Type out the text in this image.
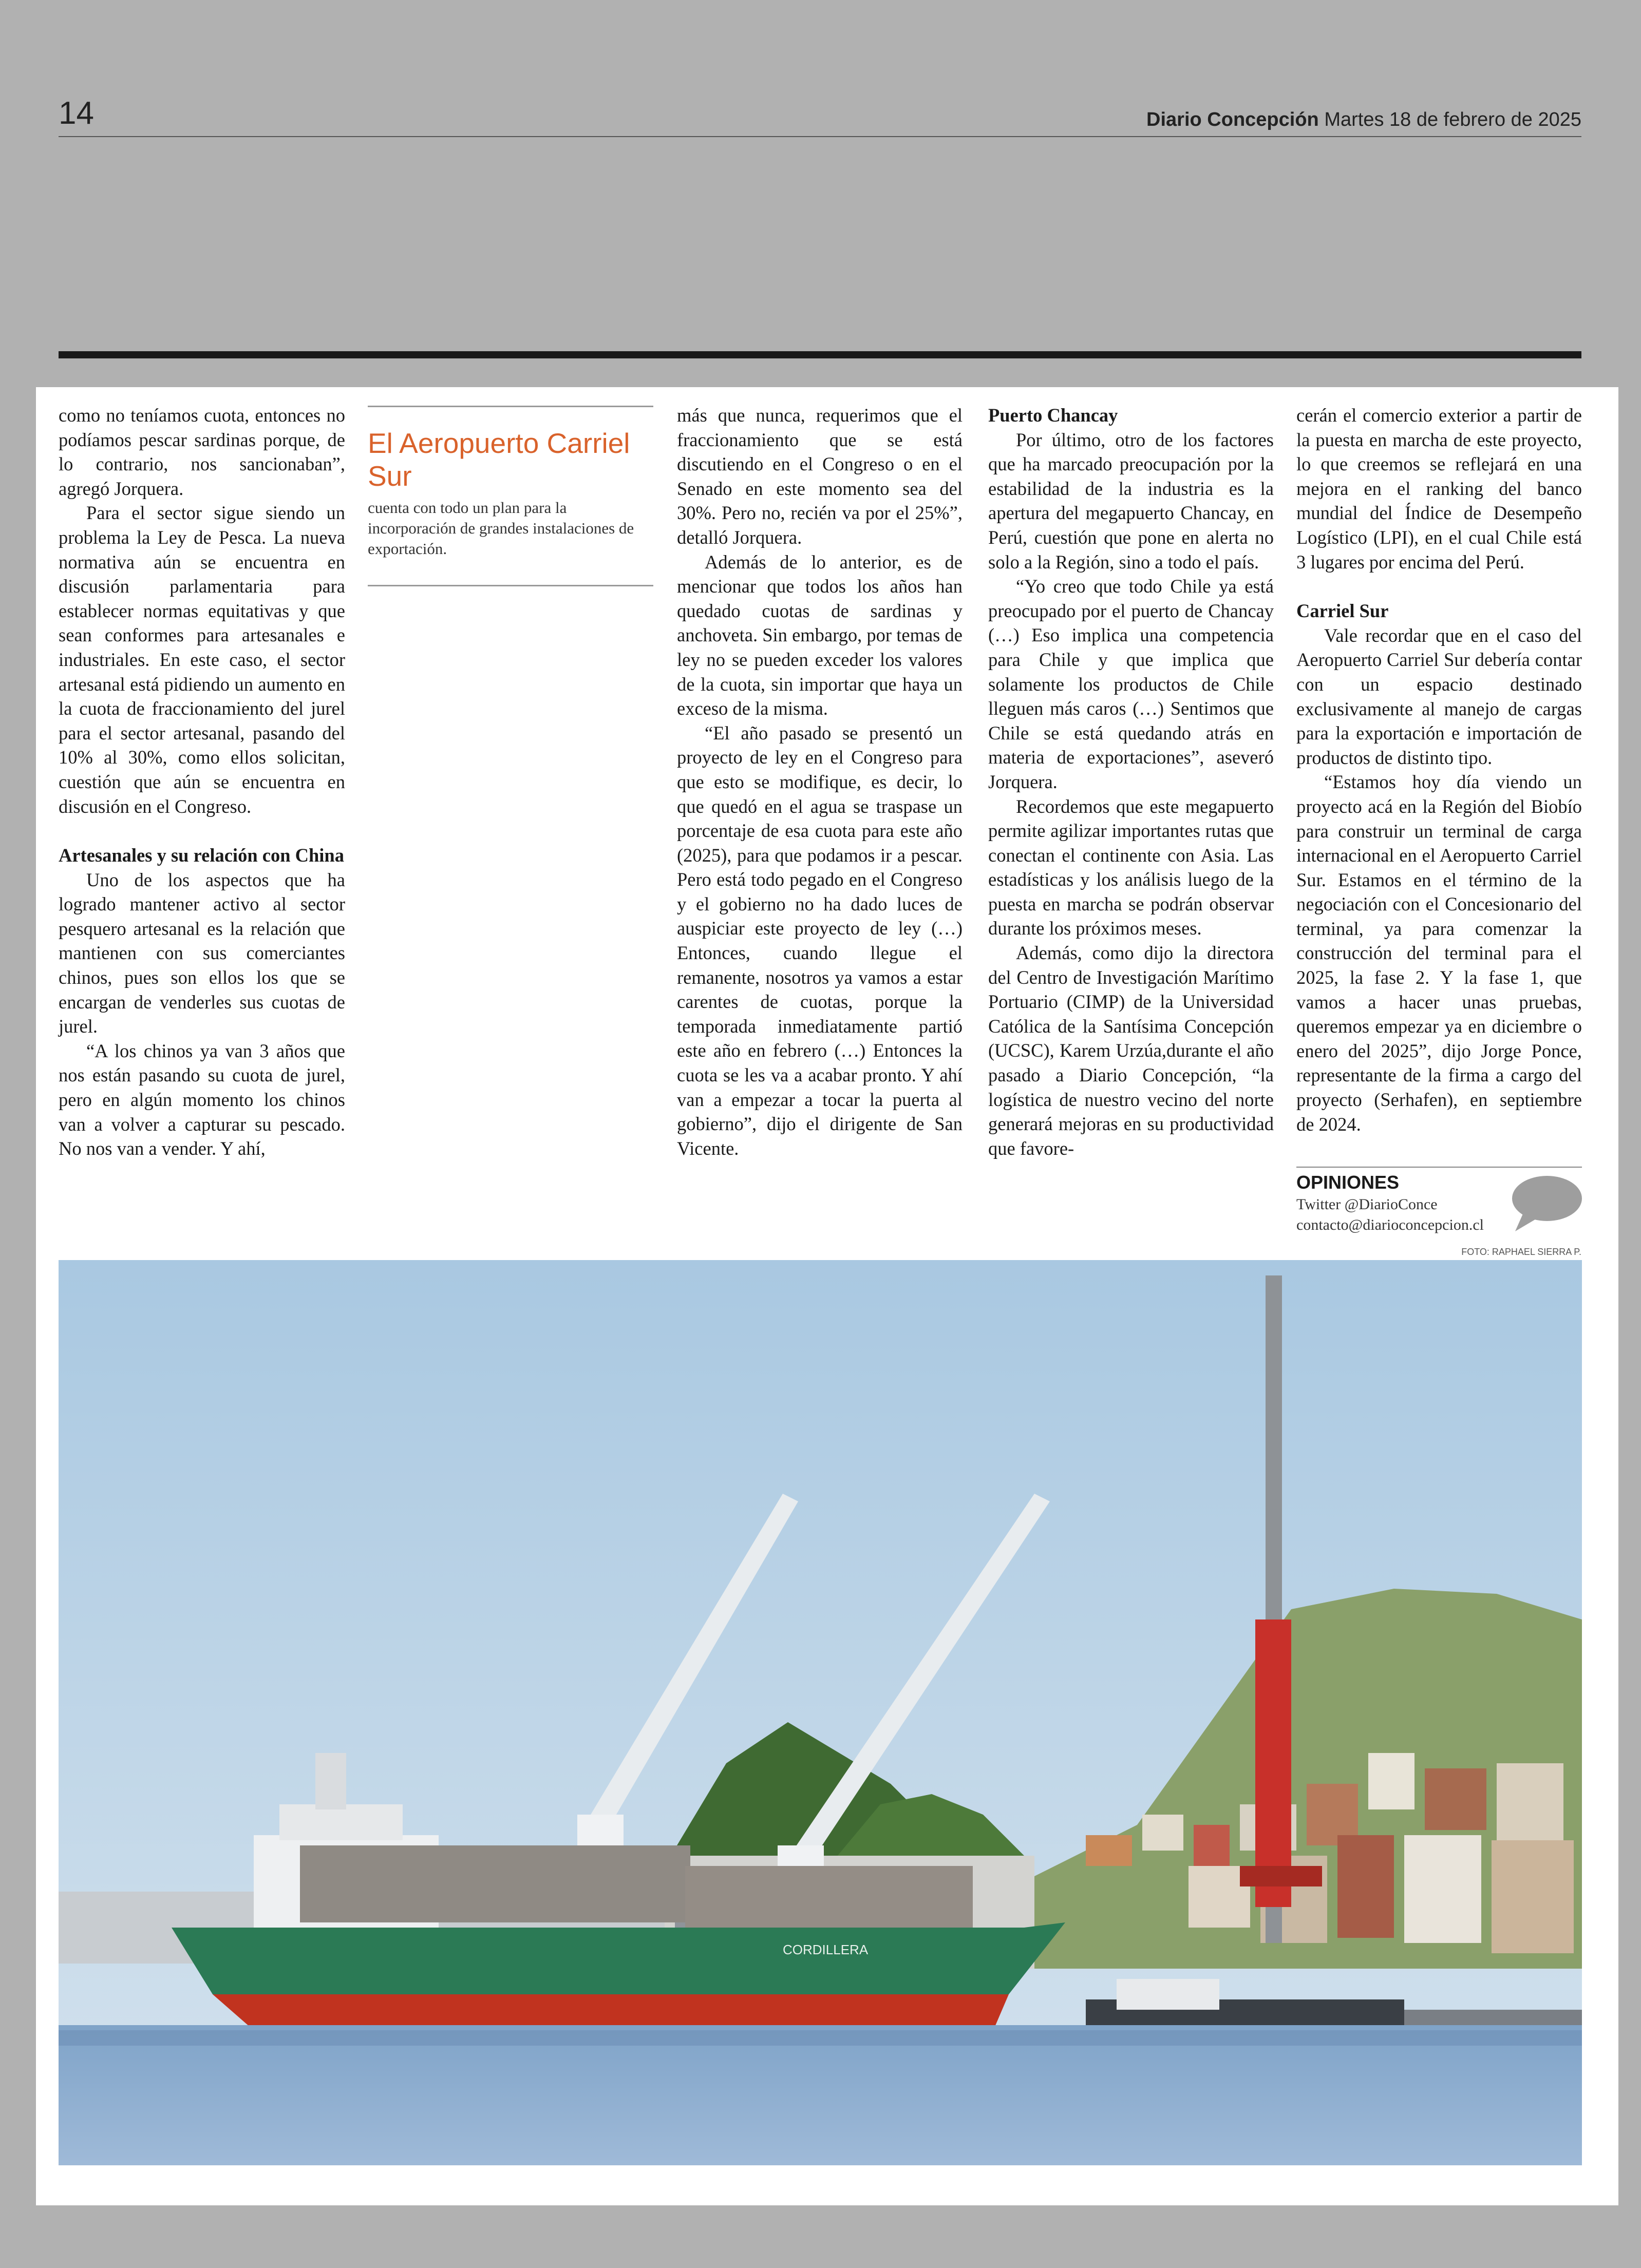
14	Diario Concepción Martes 18 de febrero de 2025

como no teníamos cuota, entonces no podíamos pescar sardinas porque, de lo contrario, nos sancionaban”, agregó Jorquera.

Para el sector sigue siendo un problema la Ley de Pesca. La nueva normativa aún se encuentra en discusión parlamentaria para establecer normas equitativas y que sean conformes para artesanales e industriales. En este caso, el sector artesanal está pidiendo un aumento en la cuota de fraccionamiento del jurel para el sector artesanal, pasando del 10% al 30%, como ellos solicitan, cuestión que aún se encuentra en discusión en el Congreso.

Artesanales y su relación con China

Uno de los aspectos que ha logrado mantener activo al sector pesquero artesanal es la relación que mantienen con sus comerciantes chinos, pues son ellos los que se encargan de venderles sus cuotas de jurel.

“A los chinos ya van 3 años que nos están pasando su cuota de jurel, pero en algún momento los chinos van a volver a capturar su pescado. No nos van a vender. Y ahí,

El Aeropuerto Carriel Sur
cuenta con todo un plan para la incorporación de grandes instalaciones de exportación.

más que nunca, requerimos que el fraccionamiento que se está discutiendo en el Congreso o en el Senado en este momento sea del 30%. Pero no, recién va por el 25%”, detalló Jorquera.

Además de lo anterior, es de mencionar que todos los años han quedado cuotas de sardinas y anchoveta. Sin embargo, por temas de ley no se pueden exceder los valores de la cuota, sin importar que haya un exceso de la misma.

“El año pasado se presentó un proyecto de ley en el Congreso para que esto se modifique, es decir, lo que quedó en el agua se traspase un porcentaje de esa cuota para este año (2025), para que podamos ir a pescar. Pero está todo pegado en el Congreso y el gobierno no ha dado luces de auspiciar este proyecto de ley (…) Entonces, cuando llegue el remanente, nosotros ya vamos a estar carentes de cuotas, porque la temporada inmediatamente partió este año en febrero (…) Entonces la cuota se les va a acabar pronto. Y ahí van a empezar a tocar la puerta al gobierno”, dijo el dirigente de San Vicente.

Puerto Chancay

Por último, otro de los factores que ha marcado preocupación por la estabilidad de la industria es la apertura del megapuerto Chancay, en Perú, cuestión que pone en alerta no solo a la Región, sino a todo el país.

“Yo creo que todo Chile ya está preocupado por el puerto de Chancay (…) Eso implica una competencia para Chile y que implica que solamente los productos de Chile lleguen más caros (…) Sentimos que Chile se está quedando atrás en materia de exportaciones”, aseveró Jorquera.

Recordemos que este megapuerto permite agilizar importantes rutas que conectan el continente con Asia. Las estadísticas y los análisis luego de la puesta en marcha se podrán observar durante los próximos meses.

Además, como dijo la directora del Centro de Investigación Marítimo Portuario (CIMP) de la Universidad Católica de la Santísima Concepción (UCSC), Karem Urzúa,durante el año pasado a Diario Concepción, “la logística de nuestro vecino del norte generará mejoras en su productividad que favore-

cerán el comercio exterior a partir de la puesta en marcha de este proyecto, lo que creemos se reflejará en una mejora en el ranking del banco mundial del Índice de Desempeño Logístico (LPI), en el cual Chile está 3 lugares por encima del Perú.

Carriel Sur

Vale recordar que en el caso del Aeropuerto Carriel Sur debería contar con un espacio destinado exclusivamente al manejo de cargas para la exportación e importación de productos de distinto tipo.

“Estamos hoy día viendo un proyecto acá en la Región del Biobío para construir un terminal de carga internacional en el Aeropuerto Carriel Sur. Estamos en el término de la negociación con el Concesionario del terminal, ya para comenzar la construcción del terminal para el 2025, la fase 2. Y la fase 1, que vamos a hacer unas pruebas, queremos empezar ya en diciembre o enero del 2025”, dijo Jorge Ponce, representante de la firma a cargo del proyecto (Serhafen), en septiembre de 2024.

OPINIONES
Twitter @DiarioConce
contacto@diarioconcepcion.cl
FOTO: RAPHAEL SIERRA P.
CORDILLERA
